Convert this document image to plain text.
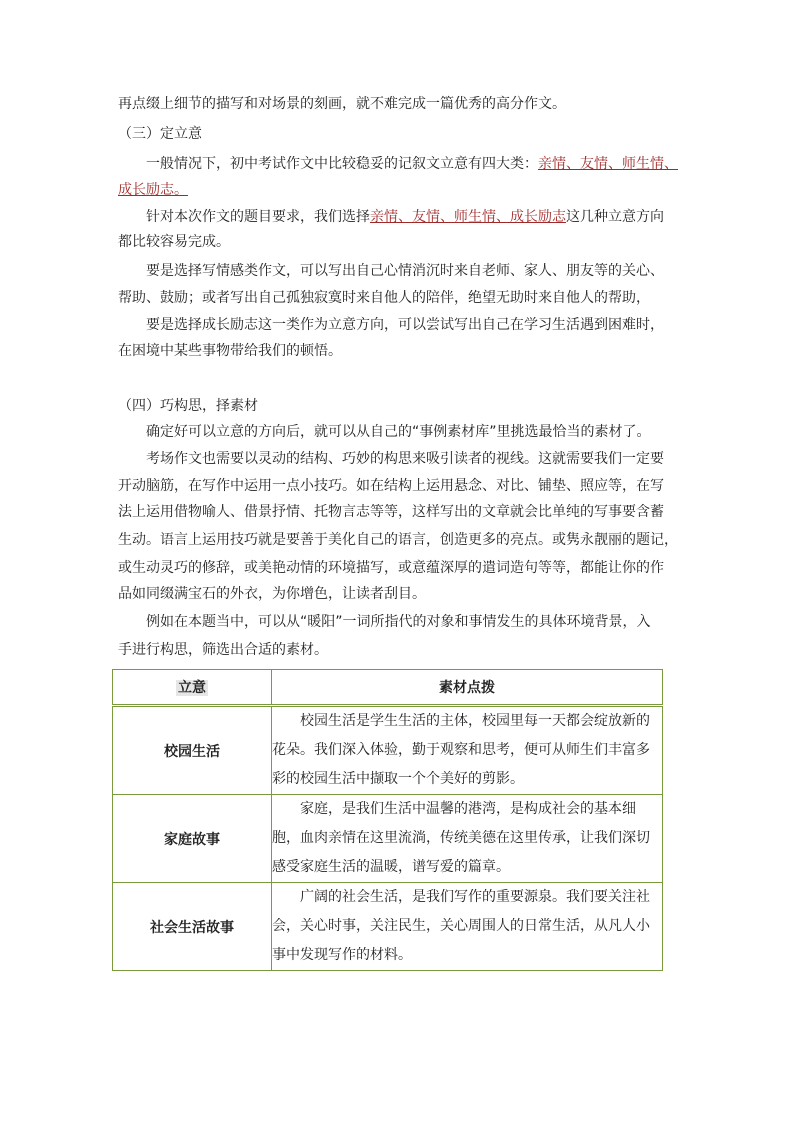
再点缀上细节的描写和对场景的刻画，就不难完成一篇优秀的高分作文。
（三）定立意
一般情况下，初中考试作文中比较稳妥的记叙文立意有四大类：亲情、友情、师生情、
成长励志。
针对本次作文的题目要求，我们选择亲情、友情、师生情、成长励志这几种立意方向
都比较容易完成。
要是选择写情感类作文，可以写出自己心情消沉时来自老师、家人、朋友等的关心、
帮助、鼓励；或者写出自己孤独寂寞时来自他人的陪伴，绝望无助时来自他人的帮助，
要是选择成长励志这一类作为立意方向，可以尝试写出自己在学习生活遇到困难时，
在困境中某些事物带给我们的顿悟。
（四）巧构思，择素材
确定好可以立意的方向后，就可以从自己的“事例素材库”里挑选最恰当的素材了。
考场作文也需要以灵动的结构、巧妙的构思来吸引读者的视线。这就需要我们一定要
开动脑筋，在写作中运用一点小技巧。如在结构上运用悬念、对比、铺垫、照应等，在写
法上运用借物喻人、借景抒情、托物言志等等，这样写出的文章就会比单纯的写事要含蓄
生动。语言上运用技巧就是要善于美化自己的语言，创造更多的亮点。或隽永靓丽的题记，
或生动灵巧的修辞，或美艳动情的环境描写，或意蕴深厚的遣词造句等等，都能让你的作
品如同缀满宝石的外衣，为你增色，让读者刮目。
例如在本题当中，可以从“暖阳”一词所指代的对象和事情发生的具体环境背景，入
手进行构思，筛选出合适的素材。
立意	素材点拨
校园生活	校园生活是学生生活的主体，校园里每一天都会绽放新的花朵。我们深入体验，勤于观察和思考，便可从师生们丰富多彩的校园生活中撷取一个个美好的剪影。
家庭故事	家庭，是我们生活中温馨的港湾，是构成社会的基本细胞，血肉亲情在这里流淌，传统美德在这里传承，让我们深切感受家庭生活的温暖，谱写爱的篇章。
社会生活故事	广阔的社会生活，是我们写作的重要源泉。我们要关注社会，关心时事，关注民生，关心周围人的日常生活，从凡人小事中发现写作的材料。
